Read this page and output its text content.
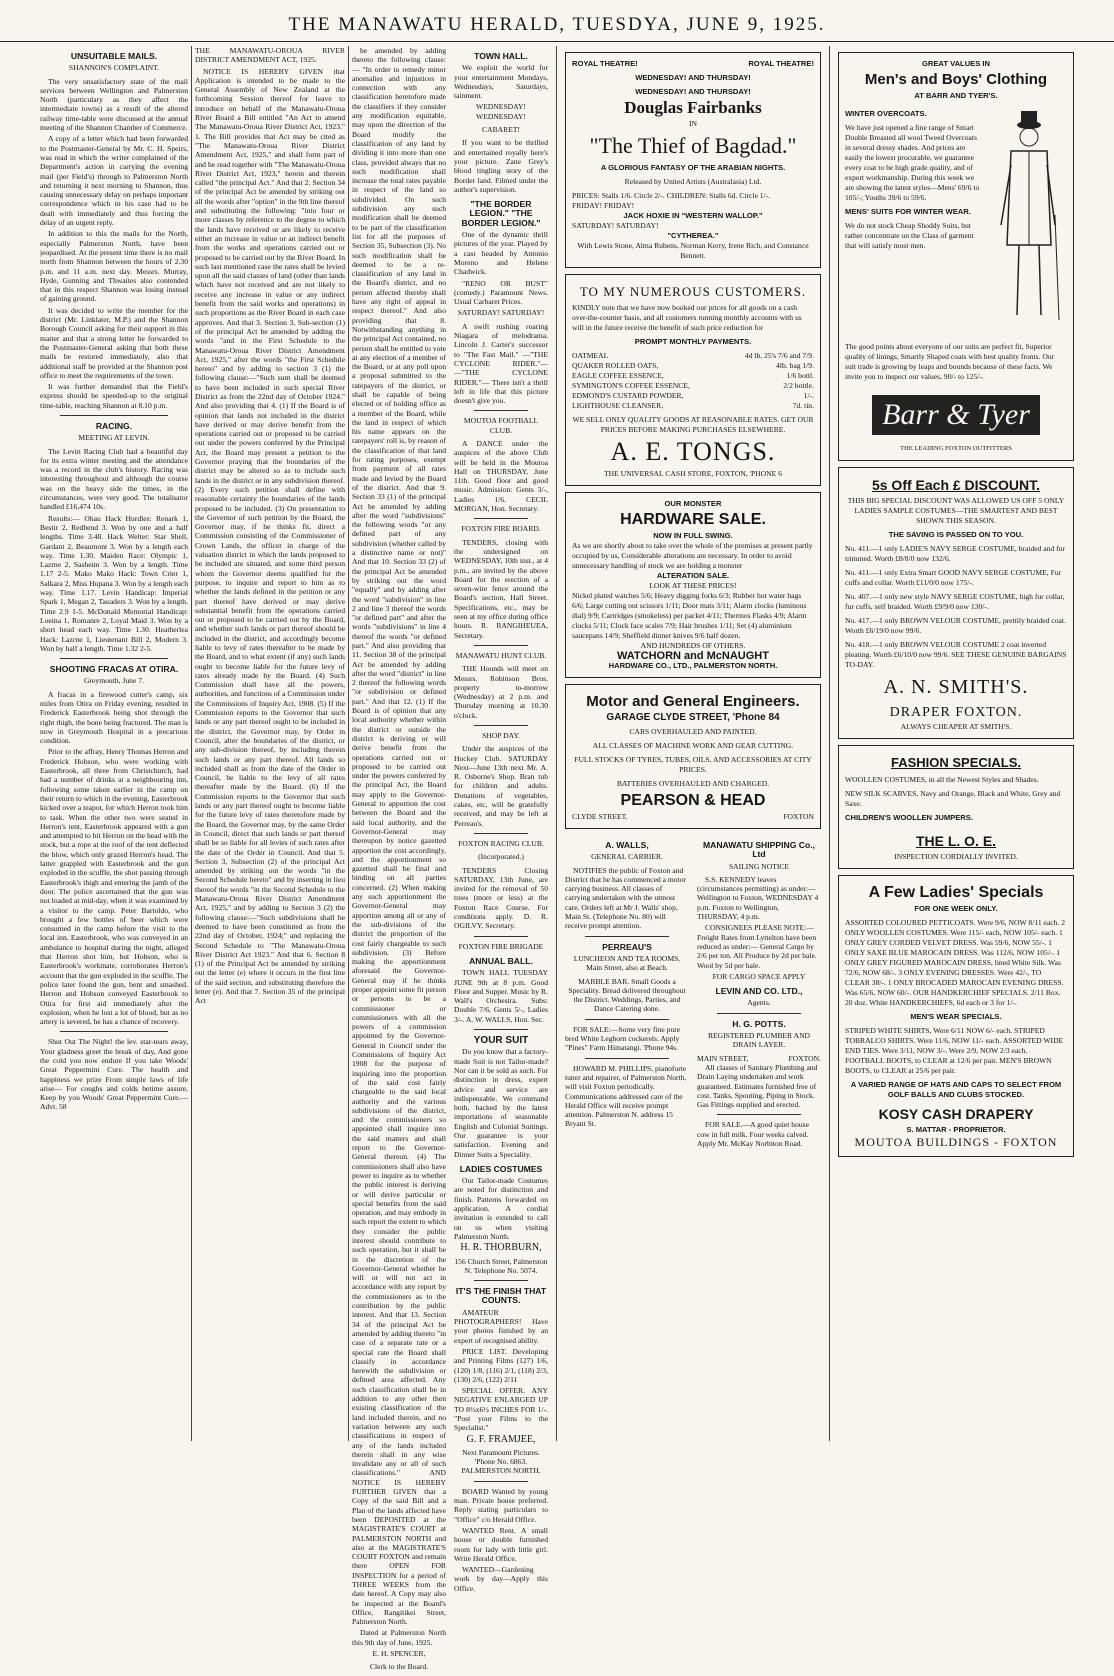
THE MANAWATU HERALD, TUESDYA, JUNE 9, 1925.
UNSUITABLE MAILS.
SHANNON'S COMPLAINT.

The very unsatisfactory state of the mail services between Wellington and Palmerston North (particulary as they affect the intermediate towns) as a result of the altered railway time-table were discussed at the annual meeting of the Shannon Chamber of Commerce.

A copy of a letter which had been forwarded to the Postmaster-General by Mr. C. H. Speirs, was read in which the writer complained of the Department's action in carrying the evening mail (per Field's) through to Palmerston North and returning it next morning to Shannon, thus causing unnecessary delay on perhaps important correspondence which in his case had to be dealt with immediately and thus forcing the delay of an urgent reply.

In addition to this the mails for the North, especially Palmerston North, have been jeopardised. At the present time there is no mail north from Shannon between the hours of 2.30 p.m. and 11 a.m. next day. Messrs. Murray, Hyde, Gunning and Thwaites also contended that in this respect Shannon was losing instead of gaining ground.

It was decided to write the member for the district (Mr. Linklater, M.P.) and the Shannon Borough Council asking for their support in this matter and that a strong letter be forwarded to the Postmaster-General asking that both these mails be restored immediately, also that additional staff be provided at the Shannon post office to meet the requirements of the town.

It was further demanded that the Field's express should be speeded-up to the original time-table, reaching Shannon at 8.10 p.m.

RACING.
MEETING AT LEVIN.

The Levin Racing Club had a beautiful day for its extra winter meeting and the attendance was a record in the club's history. Racing was interesting throughout and although the course was on the heavy side the times, in the circumstances, were very good. The totalisator handled £16,474 10s.

Results:— Ohau Hack Hurdles: Renark 1, Bestir 2, Redbend 3. Won by one and a half lengths. Time 3.48. Hack Welter: Star Shell, Gardant 2, Beaumont 3. Won by a length each way. Time 1.30. Maiden Race: Olympic 1, Lazrne 2, Sasheim 3. Won by a length. Time 1.17 2-5. Mako Mako Hack: Town Crier 1, Salkara 2, Miss Hupana 3. Won by a length each way. Time 1.17. Levin Handicap: Imperial Spark 1, Megan 2, Tauaders 3. Won by a length. Time 2.9 1-5. McDonald Memorial Handicap: Loeina 1, Romanre 2, Loyal Maid 3. Won by a short head each way. Time 1.30. Heatherlea Hack: Lazrne 1, Lieutenant Bill 2, Modern 3. Won by half a length. Time 1.32 2-5.

SHOOTING FRACAS AT OTIRA.
Greymouth, June 7.

A fracas in a firewood cutter's camp, six miles from Otira on Friday evening, resulted in Frederick Easterbrook being shot through the right thigh, the bone being fractured. The man is now in Greymouth Hospital in a precarious condition.

Prior to the affray, Henry Thomas Herron and Frederick Hobson, who were working with Easterbrook, all three from Christchurch, had had a number of drinks at a neighbouring inn, following some taken earlier in the camp on their return to which in the evening, Easterbrook kicked over a teapot, for which Herron took him to task. When the other two were seated in Herron's tent, Easterbrook appeared with a gun and attempted to hit Herron on the head with the stock, but a rope at the roof of the tent deflected the blow, which only grazed Herron's head. The latter grappled with Easterbrook and the gun exploded in the scuffle, the shot passing through Easterbrook's thigh and entering the jamb of the door. The police ascertained that the gun was not loaded at mid-day, when it was examined by a visitor to the camp. Peter Bartoldo, who brought a few bottles of beer which were consumed in the camp before the visit to the local inn. Easterbrook, who was conveyed in an ambulance to hospital during the night, alleged that Herron shot him, but Hobson, who is Easterbrook's workmate, corroborates Herron's account that the gun exploded in the scuffle. The police later found the gun, bent and smashed. Herron and Hobson conveyed Easterbrook to Otira for first aid immediately after the explosion, when he lost a lot of blood, but as no artery is severed, he has a chance of recovery.

Shut Out The Night! the lev. star-tears away, Your gladness greet the break of day, And gone the cold you now endure If you take Woods' Great Peppermint Cure. The health and happiness we prize From simple laws of life arise— For coughs and colds betime assure, Keep by you Woods' Great Peppermint Cure.—Advt. 58

THE MANAWATU-OROUA RIVER DISTRICT AMENDMENT ACT, 1925.

NOTICE IS HEREBY GIVEN that Application is intended to be made to the General Assembly of New Zealand at the forthcoming Session thereof for leave to introduce on behalf of the Manawatu-Oroua River Board a Bill entitled "An Act to amend The Manawatu-Oroua River District Act, 1923." 1. The Bill provides that Act may be cited as "The Manawatu-Oroua River District Amendment Act, 1925," and shall form part of and be read together with "The Manawatu-Oroua River District Act, 1923," herein and therein called "the principal Act." And that 2. Section 34 of the principal Act be amended by striking out all the words after "option" in the 9th line thereof and substituting the following: "into four or more classes by reference to the degree to which the lands have received or are likely to receive either an increase in value or an indirect benefit from the works and operations carried out or proposed to be carried out by the River Board. In such last mentioned case the rates shall be levied upon all the said classes of land (other than lands which have not received and are not likely to receive any increase in value or any indirect benefit from the said works and operations) in such proportions as the River Board in each case approves. And that 3. Section 3, Sub-section (1) of the principal Act be amended by adding the words "and in the First Schedule to the Manawatu-Oroua River District Amendment Act, 1925," after the words "the First Schedule hereto" and by adding to section 3 (1) the following clause:—"Such sum shall be deemed to have been included in such special River District as from the 22nd day of October 1924." And also providing that 4. (1) If the Board is of opinion that lands not included in the district have derived or may derive benefit from the operations carried out or proposed to be carried out under the powers conferred by the Principal Act, the Board may present a petition to the Governor praying that the boundaries of the district may be altered so as to include such lands in the district or in any subdivision thereof. (2) Every such petition shall define with reasonable certainty the boundaries of the lands proposed to be included. (3) On presentation to the Governor of such petition by the Board, the Governor may, if he thinks fit, direct a Commission consisting of the Commissioner of Crown Lands, the officer in charge of the valuation district in which the lands proposed to be included are situated, and some third person whom the Governor deems qualified for the purpose, to inquire and report to him as to whether the lands defined in the petition or any part thereof have derived or may derive substantial benefit from the operations carried out or proposed to be carried out by the Board, and whether such lands or part thereof should be included in the district, and accordingly become liable to levy of rates thereafter to be made by the Board, and to what extent (if any) such lands ought to become liable for the future levy of rates already made by the Board. (4) Such Commission shall have all the powers, authorities, and functions of a Commission under the Commissions of Inquiry Act, 1908. (5) If the Commission reports to the Governor that such lands or any part thereof ought to be included in the district, the Governor may, by Order in Council, alter the boundaries of the district, or any sub-division thereof, by including therein such lands or any part thereof. All lands so included shall as from the date of the Order in Council, be liable to the levy of all rates thereafter made by the Board. (6) If the Commission reports to the Governor that such lands or any part thereof ought to become liable for the future levy of rates theretofore made by the Board, the Governor may, by the same Order in Council, direct that such lands or part thereof shall be so liable for all levies of such rates after the date of the Order in Council. And that 5. Section 3, Subsection (2) of the principal Act amended by striking out the words "in the Second Schedule hereto" and by inserting in lieu thereof the words "in the Second Schedule to the Manawatu-Oroua River District Amendment Act, 1925," and by adding to Section 3 (2) the following clause:—"Such subdivisions shall be deemed to have been constituted as from the 22nd day of October, 1924;" and replacing the Second Schedule to "The Manawatu-Oroua River District Act 1923." And that 6. Section 8 (1) of the Principal Act be amended by striking out the letter (e) where it occurs in the first line of the said section, and substituting therefore the letter (e). And that 7. Section 35 of the principal Act

be amended by adding thereto the following clause:— "In order to remedy minor anomalies and injustices in connection with any classification heretofore made the classifiers if they consider any modification equitable, may upon the direction of the Board modify the classification of any land by dividing it into more than one class, provided always that no such modification shall increase the total rates payable in respect of the land so subdivided. On such subdivision any such modification shall be deemed to be part of the classification list for all the purposes of Section 35, Subsection (3). No such modification shall be deemed to be a re-classification of any land in the Board's district, and no person affected thereby shall have any right of appeal in respect thereof." And also providing that 8. Notwithstanding anything in the principal Act contained, no person shall be entitled to vote at any election of a member of the Board, or at any poll upon a proposal submitted to the ratepayers of the district, or shall be capable of being elected or of holding office as a member of the Board, while the land in respect of which his name appears on the ratepayers' roll is, by reason of the classification of that land for rating purposes, exempt from payment of all rates made and levied by the Board of the district. And that 9. Section 33 (1) of the principal Act be amended by adding after the word "subdivisions" the following words "or any defined part of any subdivision (whether called by a distinctive name or not)" And that 10. Section 33 (2) of the principal Act be amended by striking out the word "equally" and by adding after the word "subdivision" in line 2 and line 3 thereof the words "or defined part" and after the words "subdivisions" in line 4 thereof the words "or defined part." And also providing that 11. Section 38 of the principal Act be amended by adding after the word "district" in line 2 thereof the following words "or subdivision or defined part." And that 12. (1) If the Board is of opinion that any local authority whether within the district or outside the district is deriving or will derive benefit from the operations carried out or proposed to be carried out under the powers conferred by the principal Act, the Board may apply to the Governor-General to apportion the cost between the Board and the said local authority, and the Governor-General may thereupon by notice gazetted apportion the cost accordingly, and the apportionment so gazetted shall be final and binding on all parties concerned. (2) When making any such apportionment the Governor-General may apportion among all or any of the sub-divisions of the district the proportion of the cost fairly chargeable to such subdivision. (3) Before making the apportionment aforesaid the Governor-General may if he thinks proper appoint some fit person or persons to be a commissioner or commissioners with all the powers of a commission appointed by the Governor-General in Council under the Commissions of Inquiry Act 1908 for the purpose of inquiring into the proportion of the said cost fairly chargeable to the said local authority and the various subdivisions of the district, and the commissioners so appointed shall inquire into the said matters and shall report to the Governor-General thereon. (4) The commissioners shall also have power to inquire as to whether the public interest is deriving or will derive particular or special benefits from the said operation, and may embody in such report the extent to which they consider the public interest should contribute to such operation, but it shall be in the discretion of the Governor-General whether he will or will not act in accordance with any report by the commissioners as to the contribution by the public interest. And that 13. Section 34 of the principal Act be amended by adding thereto "in case of a separate rate or a special rate the Board shall classify in accordance herewith the subdivision or defined area affected. Any such classification shall be in addition to any other then existing classification of the land included therein, and no variation between any such classifications in respect of any of the lands included therein shall in any wise invalidate any or all of such classifications." AND NOTICE IS HEREBY FURTHER GIVEN that a Copy of the said Bill and a Plan of the lands affected have been DEPOSITED at the MAGISTRATE'S COURT at PALMERSTON NORTH and also at the MAGISTRATE'S COURT FOXTON and remain there OPEN FOR INSPECTION for a period of THREE WEEKS from the date hereof. A Copy may also be inspected at the Board's Office, Rangitikei Street, Palmerston North.

Dated at Palmerston North this 9th day of June, 1925.

E. H. SPENCER,
Clerk to the Board.
TOWN HALL.

We exploit the world for your entertainment Mondays, Wednesdays, Saturdays, tainment.

WEDNESDAY! WEDNESDAY!
CABARET!

If you want to be thrilled and entertained royally here's your picture. Zane Grey's blood tingling story of the Border land. Filmed under the author's supervision.

"THE BORDER LEGION." "THE BORDER LEGION."

One of the dynamic thrill pictures of the year. Played by a cast headed by Antonio Moreno and Helene Chadwick.

"RENO OR BUST" (comedy.) Paramount News. Usual Carbaret Prices.

SATURDAY! SATURDAY!

A swift rushing roaring Niagara of melodrama. Lincoln J. Carter's successor to "The Fast Mail." —"THE CYCLONE RIDER."— —"THE CYCLONE RIDER."— There isn't a thrill left in life that this picture doesn't give you.

MOUTOA FOOTBALL CLUB.

A DANCE under the auspices of the above Club will be held in the Moutoa Hall on THURSDAY, June 11th. Good floor and good music. Admission: Gents 3/-, Ladies 1/6. CECIL MORGAN, Hon. Secretary.

FOXTON FIRE BOARD.

TENDERS, closing with the undersigned on WEDNESDAY, 10th inst., at 4 p.m., are invited by the above Board for the erection of a seven-wire fence around the Board's section, Hall Street. Specifications, etc., may be seen at my office during office hours. R. RANGIHEUEA, Secretary.

MANAWATU HUNT CLUB.

THE Hounds will meet on Messrs. Robinson Bros. property to-morrow (Wednesday) at 2 p.m. and Thursday morning at 10.30 o'clock.

SHOP DAY.

Under the auspices of the Hockey Club. SATURDAY Next—June 13th next Mr. A. R. Osborne's Shop. Bran tub for children and adults. Donations of vegetables, cakes, etc, will be gratefully received, and may be left at Perreau's.

FOXTON RACING CLUB.
(Incorporated.)

TENDERS Closing SATURDAY, 13th June, are invited for the removal of 50 trees (more or less) at the Foxton Race Course. For conditions apply. D. R. OGILVY, Secretary.

FOXTON FIRE BRIGADE
ANNUAL BALL.

TOWN HALL TUESDAY JUNE 9th at 8 p.m. Good Floor and Supper. Music by R. Wall's Orchestra. Subs: Double 7/6, Gents 5/-, Ladies 3/-. A. W. WALLS, Hon. Sec.

YOUR SUIT

Do you know that a factory-made Suit is not Tailor-made? Nor can it be sold as such. For distinction in dress, expert advice and service are indispensable. We command both, backed by the latest importations of seasonable English and Colonial Suitings. Our guarantee is your satisfaction. Evening and Dinner Suits a Speciality.

LADIES COSTUMES

Our Tailor-made Costumes are noted for distinction and finish. Patterns forwarded on application. A cordial invitation is extended to call on us when visiting Palmerston North.

H. R. THORBURN,
156 Church Street, Palmerston N. Telephone No. 5074.
IT'S THE FINISH THAT COUNTS.

AMATEUR PHOTOGRAPHERS! Have your photos finished by an expert of recognised ability.

PRICE LIST. Developing and Printing Films (127) 1/6, (120) 1/8, (116) 2/1, (118) 2/3, (130) 2/6, (122) 2/11

SPECIAL OFFER. ANY NEGATIVE ENLARGED UP TO 8½x6½ INCHES FOR 1/-. "Post your Films to the Specialist."

G. F. FRAMJEE,
Next Paramount Pictures. 'Phone No. 6863. PALMERSTON NORTH.

BOARD Wanted by young man. Private house preferred. Reply stating particulars to "Office" c/o Herald Office.

WANTED Rent. A small house or double furnished room for lady with little girl. Write Herald Office.

WANTED—Gardening work by day—Apply this Office.

ROYAL THEATRE!	ROYAL THEATRE!
WEDNESDAY! AND THURSDAY!
WEDNESDAY! AND THURSDAY!
Douglas Fairbanks
IN
"The Thief of Bagdad."
A GLORIOUS FANTASY OF THE ARABIAN NIGHTS.
Released by United Artists (Australasia) Ltd.
PRICES: Stalls 1/6. Circle 2/-. CHILDREN: Stalls 6d. Circle 1/-.
FRIDAY! FRIDAY!
JACK HOXIE IN "WESTERN WALLOP."
SATURDAY! SATURDAY!
"CYTHEREA."
With Lewis Stone, Alma Rubens, Norman Kerry, Irene Rich, and Constance Bennett.
TO MY NUMEROUS CUSTOMERS.
KINDLY note that we have now booked our prices for all goods on a cash over-the-counter basis, and all customers running monthly accounts with us will in the future receive the benefit of such price reduction for
PROMPT MONTHLY PAYMENTS.
OATMEAL	4d lb, 25's 7/6 and 7/9.
QUAKER ROLLED OATS,	4lb. bag 1/9.
EAGLE COFFEE ESSENCE,	1/6 bottl.
SYMINGTON'S COFFEE ESSENCE,	2/2 bottle.
EDMOND'S CUSTARD POWDER,	1/-.
LIGHTHOUSE CLEANSER,	7d. tin.
WE SELL ONLY QUALITY GOODS AT REASONABLE RATES. GET OUR PRICES BEFORE MAKING PURCHASES ELSEWHERE.
A. E. TONGS.
THE UNIVERSAL CASH STORE, FOXTON, 'PHONE 6
OUR MONSTER
HARDWARE SALE.
NOW IN FULL SWING.
As we are shortly about to take over the whole of the premises at present partly occupied by us, Considerable alterations are necessary. In order to avoid unnecessary handling of stock we are holding a monster
ALTERATION SALE.
LOOK AT THESE PRICES!
Nickel plated watches 5/6; Heavy digging forks 6/3; Rubber hot water bags 6/6; Large cutting out scissors 1/11; Door mats 3/11; Alarm clocks (luminous dial) 9/9; Cartridges (smokeless) per packet 4/11; Thermos Flasks 4/9; Alarm clocks 5/11; Clock face scales 7/9; Hair brushes 1/11; Set (4) aluminium saucepans 14/9; Sheffield dinner knives 9/6 half dozen.
AND HUNDREDS OF OTHERS.
WATCHORN and McNAUGHT
HARDWARE CO., LTD., PALMERSTON NORTH.
Motor and General Engineers.
GARAGE CLYDE STREET, 'Phone 84
CARS OVERHAULED AND PAINTED.
ALL CLASSES OF MACHINE WORK AND GEAR CUTTING.
FULL STOCKS OF TYRES, TUBES, OILS, AND ACCESSORIES AT CITY PRICES.
BATTERIES OVERHAULED AND CHARGED.
PEARSON & HEAD
CLYDE STREET.	FOXTON
A. WALLS,
GENERAL CARRIER.

NOTIFIES the public of Foxton and District that he has commenced a motor carrying business. All classes of carrying undertaken with the utmost care. Orders left at Mr J. Walls' shop, Main St. (Telephone No. 80) will receive prompt attention.

PERREAU'S
LUNCHEON AND TEA ROOMS. Main Street, also at Beach.
MARBLE BAR. Small Goods a Speciality. Bread delivered throughout the District. Weddings, Parties, and Dance Catering done.

FOR SALE:—Some very fine pure bred White Leghorn cockerels. Apply "Pines" Farm Himatangi. 'Phone 94s.

HOWARD M. PHILLIPS, pianoforte tuner and repairer, of Palmerston North, will visit Foxton periodically. Communications addressed care of the Herald Office will receive prompt attention. Palmerston N. address 15 Bryant St.

MANAWATU SHIPPING Co., Ltd
SAILING NOTICE

S.S. KENNEDY leaves (circumstances permitting) as under:— Wellington to Foxton, WEDNESDAY 4 p.m. Foxton to Wellington, THURSDAY, 4 p.m.

CONSIGNEES PLEASE NOTE:— Freight Rates from Lyttelton have been reduced as under:— General Cargo by 2/6 per ton. All Produce by 2d per bale. Wool by 5d per bale.

FOR CARGO SPACE APPLY
LEVIN AND CO. LTD.,
Agents.
H. G. POTTS.
REGISTERED PLUMBER AND DRAIN LAYER.
MAIN STREET,	FOXTON.

All classes of Sanitary Plumbing and Drain Laying undertaken and work guaranteed. Estimates furnished free of cost. Tanks, Spouting, Piping in Stock. Gas Fittings supplied and erected.

FOR SALE.—A good quiet house cow in full milk. Four weeks calved. Apply Mr. McKay Norbiton Road.

GREAT VALUES IN
Men's and Boys' Clothing
AT BARR AND TYER'S.
WINTER OVERCOATS.
We have just opened a fine range of Smart Double Breasted all wool Tweed Overcoats in several dressy shades. And prices are easily the lowest procurable, we guarantee every coat to be high grade quality, and of expert workmanship. During this week we are showing the latest styles—Mens' 69/6 to 105/-; Youths 39/6 to 59/6.
MENS' SUITS FOR WINTER WEAR.
We do not stock Cheap Shoddy Suits, but rather concentrate on the Class of garment that will satisfy most men.
The good points about everyone of our suits are perfect fit, Superior quality of linings, Smartly Shaped coats with best quality fronts. Our suit trade is growing by leaps and bounds because of these facts. We invite you to inspect our values, 90/- to 125/-.
Barr & Tyer
THE LEADING FOXTON OUTFITTERS
5s Off Each £ DISCOUNT.
THIS BIG SPECIAL DISCOUNT WAS ALLOWED US OFF 5 ONLY LADIES SAMPLE COSTUMES—THE SMARTEST AND BEST SHOWN THIS SEASON.
THE SAVING IS PASSED ON TO YOU.
No. 411.—1 only LADIE'S NAVY SERGE COSTUME, braided and fur trimmed. Worth £8/8/0 now 132/6.
No. 411.—1 only Extra Smart GOOD NAVY SERGE COSTUME, Fur cuffs and collar. Worth £11/0/0 now 175/-.
No. 407.—1 only new style NAVY SERGE COSTUME, high fur collar, fur cuffs, self braided. Worth £9/9/0 now 130/-.
No. 417.—1 only BROWN VELOUR COSTUME, prettily braided coat. Worth £6/19/0 now 99/6.
No. 418.—1 only BROWN VELOUR COSTUME 2 coat inverted pleating. Worth £6/10/0 now 99/6. SEE THESE GENUINE BARGAINS TO-DAY.
A. N. SMITH'S.
DRAPER FOXTON.
ALWAYS CHEAPER AT SMITH'S.
FASHION SPECIALS.
WOOLLEN COSTUMES, in all the Newest Styles and Shades.
NEW SILK SCARVES, Navy and Orange, Black and White, Grey and Saxe.
CHILDREN'S WOOLLEN JUMPERS.
THE L. O. E.
INSPECTION CORDIALLY INVITED.
A Few Ladies' Specials
FOR ONE WEEK ONLY.
ASSORTED COLOURED PETTICOATS. Were 9/6, NOW 8/11 each. 2 ONLY WOOLLEN COSTUMES. Were 115/- each, NOW 105/- each. 1 ONLY GREY CORDED VELVET DRESS. Was 59/6, NOW 55/-. 1 ONLY SAXE BLUE MAROCAIN DRESS. Was 112/6, NOW 105/-. 1 ONLY GREY FIGURED MAROCAIN DRESS, lined White Silk. Was 72/6, NOW 68/-. 3 ONLY EVENING DRESSES. Were 42/-, TO CLEAR 38/-. 1 ONLY BROCADED MAROCAIN EVENING DRESS. Was 65/6, NOW 60/-. OUR HANDKERCHIEF SPECIALS. 2/11 Box. 20 doz. White HANDKERCHIEFS, 6d each or 3 for 1/-.
MEN'S WEAR SPECIALS.
STRIPED WHITE SHIRTS, Were 6/11 NOW 6/- each. STRIPED TOBRALCO SHIRTS. Were 11/6, NOW 11/- each. ASSORTED WIDE END TIES. Were 3/11, NOW 3/-. Were 2/9, NOW 2/3 each. FOOTBALL BOOTS, to CLEAR at 12/6 per pair. MEN'S BROWN BOOTS, to CLEAR at 25/6 per pair.
A VARIED RANGE OF HATS AND CAPS TO SELECT FROM
GOLF BALLS AND CLUBS STOCKED.
KOSY CASH DRAPERY
S. MATTAR - PROPRIETOR.
MOUTOA BUILDINGS - FOXTON
